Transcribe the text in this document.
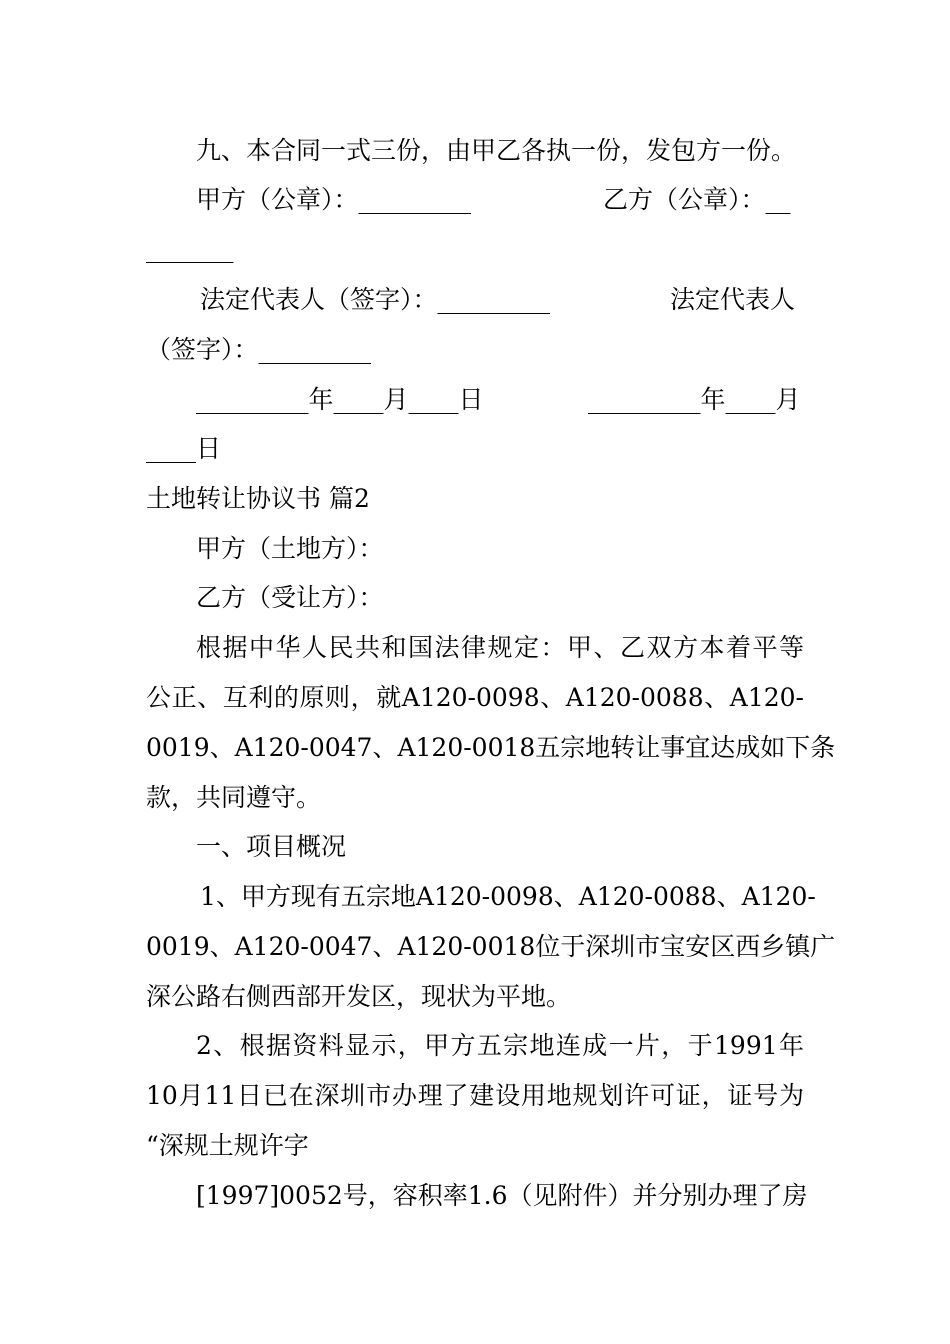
九、本合同一式三份，由甲乙各执一份，发包方一份。
甲方（公章）：_________	乙方（公章）：__
_______
法定代表人（签字）：_________	法定代表人
（签字）：_________
_________年____月____日	_________年____月
____日
土地转让协议书 篇2
甲方（土地方）：
乙方（受让方）：
根据中华人民共和国法律规定：甲、乙双方本着平等
公正、互利的原则，就A120-0098、A120-0088、A120-
0019、A120-0047、A120-0018五宗地转让事宜达成如下条
款，共同遵守。
一、项目概况
1、甲方现有五宗地A120-0098、A120-0088、A120-
0019、A120-0047、A120-0018位于深圳市宝安区西乡镇广
深公路右侧西部开发区，现状为平地。
2、根据资料显示，甲方五宗地连成一片，于1991年
10月11日已在深圳市办理了建设用地规划许可证，证号为
“深规土规许字
[1997]0052号，容积率1.6（见附件）并分别办理了房
